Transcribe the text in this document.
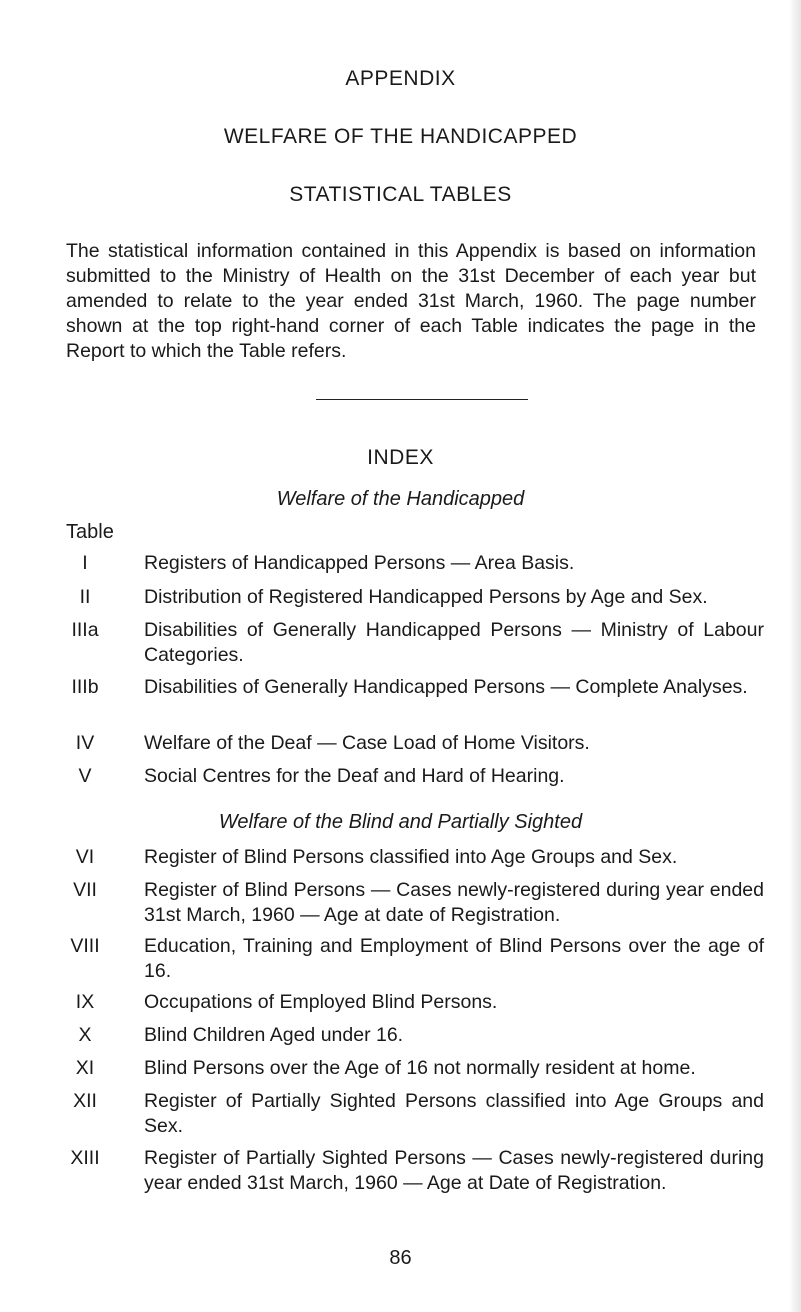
APPENDIX
WELFARE OF THE HANDICAPPED
STATISTICAL TABLES

The statistical information contained in this Appendix is based on information submitted to the Ministry of Health on the 31st December of each year but amended to relate to the year ended 31st March, 1960. The page number shown at the top right-hand corner of each Table indicates the page in the Report to which the Table refers.

INDEX
Welfare of the Handicapped
Table
I	Registers of Handicapped Persons — Area Basis.
II	Distribution of Registered Handicapped Persons by Age and Sex.
IIIa	Disabilities of Generally Handicapped Persons — Ministry of Labour Categories.
IIIb	Disabilities of Generally Handicapped Persons — Complete Analyses.
IV	Welfare of the Deaf — Case Load of Home Visitors.
V	Social Centres for the Deaf and Hard of Hearing.
Welfare of the Blind and Partially Sighted
VI	Register of Blind Persons classified into Age Groups and Sex.
VII	Register of Blind Persons — Cases newly-registered during year ended 31st March, 1960 — Age at date of Registration.
VIII	Education, Training and Employment of Blind Persons over the age of 16.
IX	Occupations of Employed Blind Persons.
X	Blind Children Aged under 16.
XI	Blind Persons over the Age of 16 not normally resident at home.
XII	Register of Partially Sighted Persons classified into Age Groups and Sex.
XIII	Register of Partially Sighted Persons — Cases newly-registered during year ended 31st March, 1960 — Age at Date of Registration.
86
